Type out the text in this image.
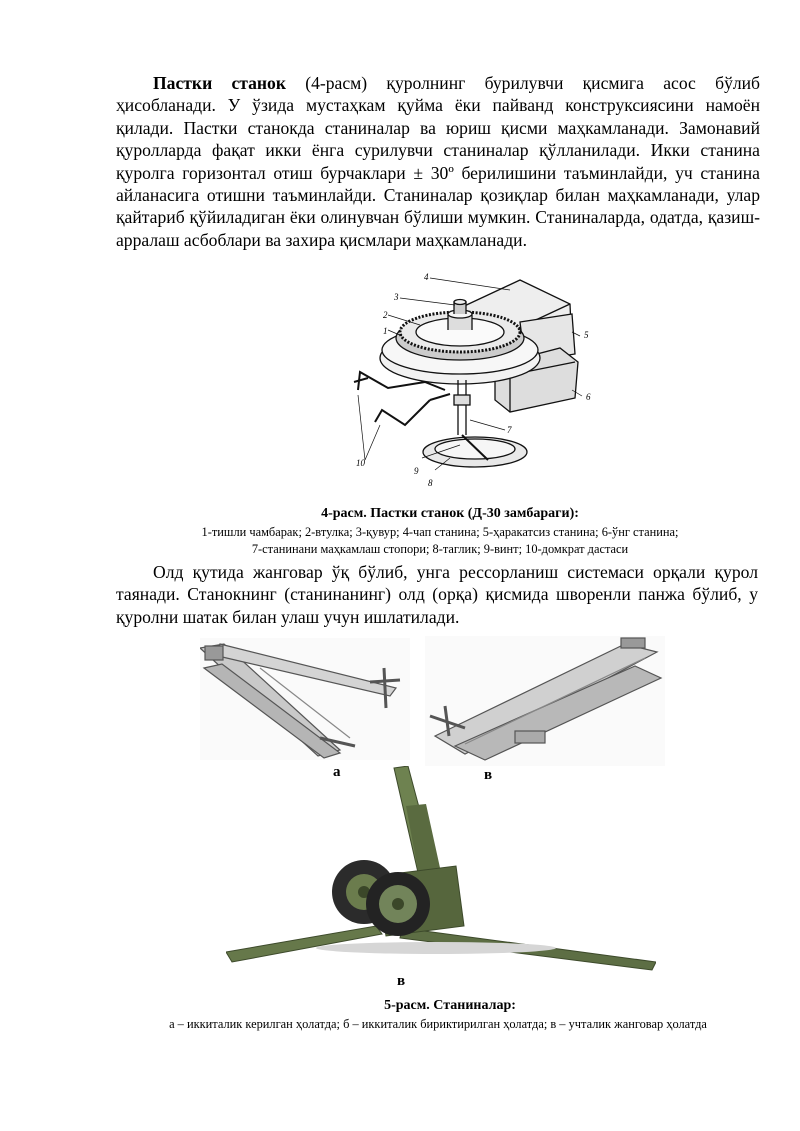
Пастки станок (4-расм) қуролнинг бурилувчи қисмига асос бўлиб ҳисобланади. У ўзида мустаҳкам қуйма ёки пайванд конструксиясини намоён қилади. Пастки станокда станиналар ва юриш қисми маҳкамланади. Замонавий қуролларда фақат икки ёнга сурилувчи станиналар қўлланилади. Икки станина қуролга горизонтал отиш бурчаклари ± 30º берилишини таъминлайди, уч станина айланасига отишни таъминлайди. Станиналар қозиқлар билан маҳкамланади, улар қайтариб қўйиладиган ёки олинувчан бўлиши мумкин. Станиналарда, одатда, қазиш-арралаш асбоблари ва захира қисмлари маҳкамланади.

1
2
3
4
5
6
7
8
9
10
4-расм. Пастки станок (Д-30 замбараги):
1-тишли чамбарак; 2-втулка; 3-қувур; 4-чап станина; 5-ҳаракатсиз станина; 6-ўнг станина;
7-станинани маҳкамлаш стопори; 8-таглик; 9-винт; 10-домкрат дастаси

Олд қутида жанговар ўқ бўлиб, унга рессорланиш системаси орқали қурол таянади. Станокнинг (станинанинг) олд (орқа) қисмида шворенли панжа бўлиб, у қуролни шатак билан улаш учун ишлатилади.

а	в
в
5-расм. Станиналар:
а – иккиталик керилган ҳолатда; б – иккиталик бириктирилган ҳолатда; в – учталик жанговар ҳолатда
